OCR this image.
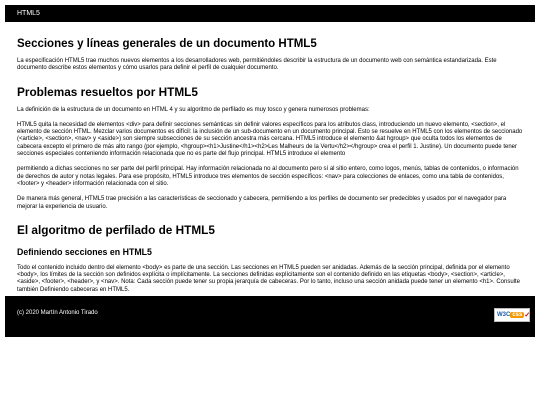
HTML5
Secciones y líneas generales de un documento HTML5

La especificación HTML5 trae muchos nuevos elementos a los desarrolladores web, permitiéndoles describir la estructura de un documento web con semántica estandarizada. Este documento describe estos elementos y cómo usarlos para definir el perfil de cualquier documento.

Problemas resueltos por HTML5

La definición de la estructura de un documento en HTML 4 y su algoritmo de perfilado es muy tosco y genera numerosos problemas:

HTML5 quita la necesidad de elementos <div> para definir secciones semánticas sin definir valores específicos para los atributos class, introduciendo un nuevo elemento, <section>, el elemento de sección HTML. Mezclar varios documentos es difícil: la inclusión de un sub-documento en un documento principal. Esto se resuelve en HTML5 con los elementos de seccionado (<article>, <section>, <nav> y <aside>) son siempre subsecciones de su sección ancestra más cercana. HTML5 introduce el elemento &at hgroup> que oculta todos los elementos de cabecera excepto el primero de más alto rango (por ejemplo, <hgroup><h1>Justine</h1><h2>Les Malheurs de la Vertu</h2></hgroup> crea el perfil 1. Justine). Un documento puede tener secciones especiales conteniendo información relacionada que no es parte del flujo principal. HTML5 introduce el elemento

permitiendo a dichas secciones no ser parte del perfil principal. Hay información relacionada no al documento pero sí al sitio entero, como logos, menús, tablas de contenidos, o información de derechos de autor y notas legales. Para ese propósito, HTML5 introduce tres elementos de sección específicos: <nav> para colecciones de enlaces, como una tabla de contenidos, <footer> y <header> información relacionada con el sitio.

De manera más general, HTML5 trae precisión a las características de seccionado y cabecera, permitiendo a los perfiles de documento ser predecibles y usados por el navegador para mejorar la experiencia de usuario.

El algoritmo de perfilado de HTML5
Definiendo secciones en HTML5

Todo el contenido incluido dentro del elemento <body> es parte de una sección. Las secciones en HTML5 pueden ser anidadas. Además de la sección principal, definida por el elemento <body>, los límites de la sección son definidos explícita o implícitamente. La secciones definidas explícitamente son el contenido definido en las etiquetas <body>, <section>, <article>, <aside>, <footer>, <header>, y <nav>. Nota: Cada sección puede tener su propia jerarquía de cabeceras. Por lo tanto, incluso una sección anidada puede tener un elemento <h1>. Consulte también Definiendo cabeceras en HTML5.

(c) 2020 Martín Antonio Tirado	W3C css ✓
